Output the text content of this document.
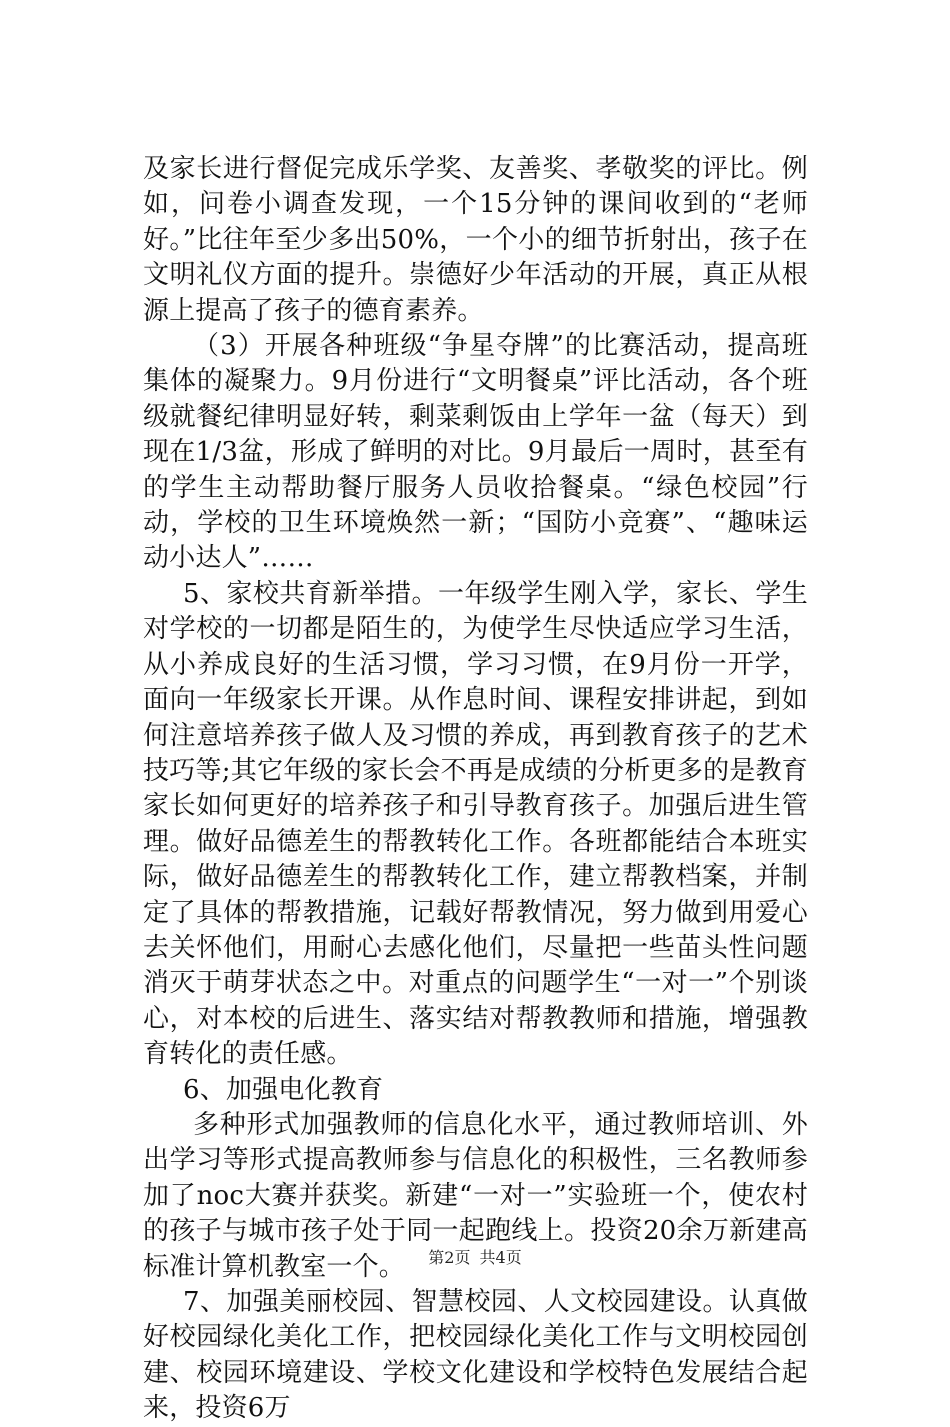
及家长进行督促完成乐学奖、友善奖、孝敬奖的评比。例如，问卷小调查发现，一个15分钟的课间收到的“老师好。”比往年至少多出50%，一个小的细节折射出，孩子在文明礼仪方面的提升。崇德好少年活动的开展，真正从根源上提高了孩子的德育素养。

（3）开展各种班级“争星夺牌”的比赛活动，提高班集体的凝聚力。9月份进行“文明餐桌”评比活动，各个班级就餐纪律明显好转，剩菜剩饭由上学年一盆（每天）到现在1/3盆，形成了鲜明的对比。9月最后一周时，甚至有的学生主动帮助餐厅服务人员收拾餐桌。“绿色校园”行动，学校的卫生环境焕然一新；“国防小竞赛”、“趣味运动小达人”……

5、家校共育新举措。一年级学生刚入学，家长、学生对学校的一切都是陌生的，为使学生尽快适应学习生活，从小养成良好的生活习惯，学习习惯，在9月份一开学，面向一年级家长开课。从作息时间、课程安排讲起，到如何注意培养孩子做人及习惯的养成，再到教育孩子的艺术技巧等;其它年级的家长会不再是成绩的分析更多的是教育家长如何更好的培养孩子和引导教育孩子。加强后进生管理。做好品德差生的帮教转化工作。各班都能结合本班实际，做好品德差生的帮教转化工作，建立帮教档案，并制定了具体的帮教措施，记载好帮教情况，努力做到用爱心去关怀他们，用耐心去感化他们，尽量把一些苗头性问题消灭于萌芽状态之中。对重点的问题学生“一对一”个别谈心，对本校的后进生、落实结对帮教教师和措施，增强教育转化的责任感。

6、加强电化教育

多种形式加强教师的信息化水平，通过教师培训、外出学习等形式提高教师参与信息化的积极性，三名教师参加了noc大赛并获奖。新建“一对一”实验班一个，使农村的孩子与城市孩子处于同一起跑线上。投资20余万新建高标准计算机教室一个。

7、加强美丽校园、智慧校园、人文校园建设。认真做好校园绿化美化工作，把校园绿化美化工作与文明校园创建、校园环境建设、学校文化建设和学校特色发展结合起来，投资6万

第2页 共4页
